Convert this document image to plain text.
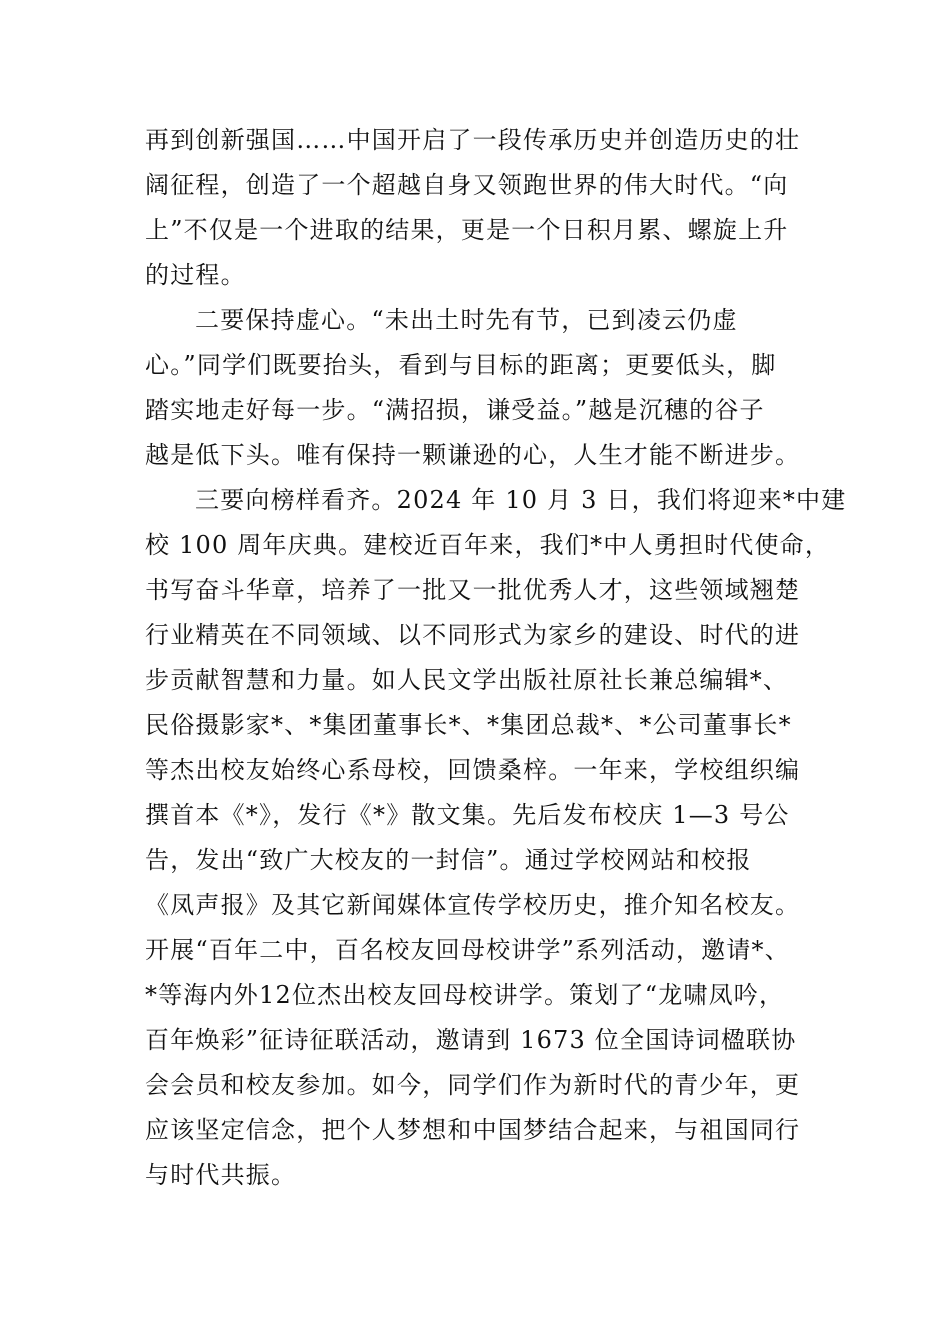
再到创新强国……中国开启了一段传承历史并创造历史的壮
阔征程，创造了一个超越自身又领跑世界的伟大时代。“向
上”不仅是一个进取的结果，更是一个日积月累、螺旋上升
的过程。
二要保持虚心。“未出土时先有节，已到凌云仍虚
心。”同学们既要抬头，看到与目标的距离；更要低头，脚
踏实地走好每一步。“满招损，谦受益。”越是沉穗的谷子
越是低下头。唯有保持一颗谦逊的心，人生才能不断进步。
三要向榜样看齐。2024 年 10 月 3 日，我们将迎来*中建
校 100 周年庆典。建校近百年来，我们*中人勇担时代使命，
书写奋斗华章，培养了一批又一批优秀人才，这些领域翘楚
行业精英在不同领域、以不同形式为家乡的建设、时代的进
步贡献智慧和力量。如人民文学出版社原社长兼总编辑*、
民俗摄影家*、*集团董事长*、*集团总裁*、*公司董事长*
等杰出校友始终心系母校，回馈桑梓。一年来，学校组织编
撰首本《*》，发行《*》散文集。先后发布校庆 1—3 号公
告，发出“致广大校友的一封信”。通过学校网站和校报
《凤声报》及其它新闻媒体宣传学校历史，推介知名校友。
开展“百年二中，百名校友回母校讲学”系列活动，邀请*、
*等海内外12位杰出校友回母校讲学。策划了“龙啸凤吟，
百年焕彩”征诗征联活动，邀请到 1673 位全国诗词楹联协
会会员和校友参加。如今，同学们作为新时代的青少年，更
应该坚定信念，把个人梦想和中国梦结合起来，与祖国同行
与时代共振。
